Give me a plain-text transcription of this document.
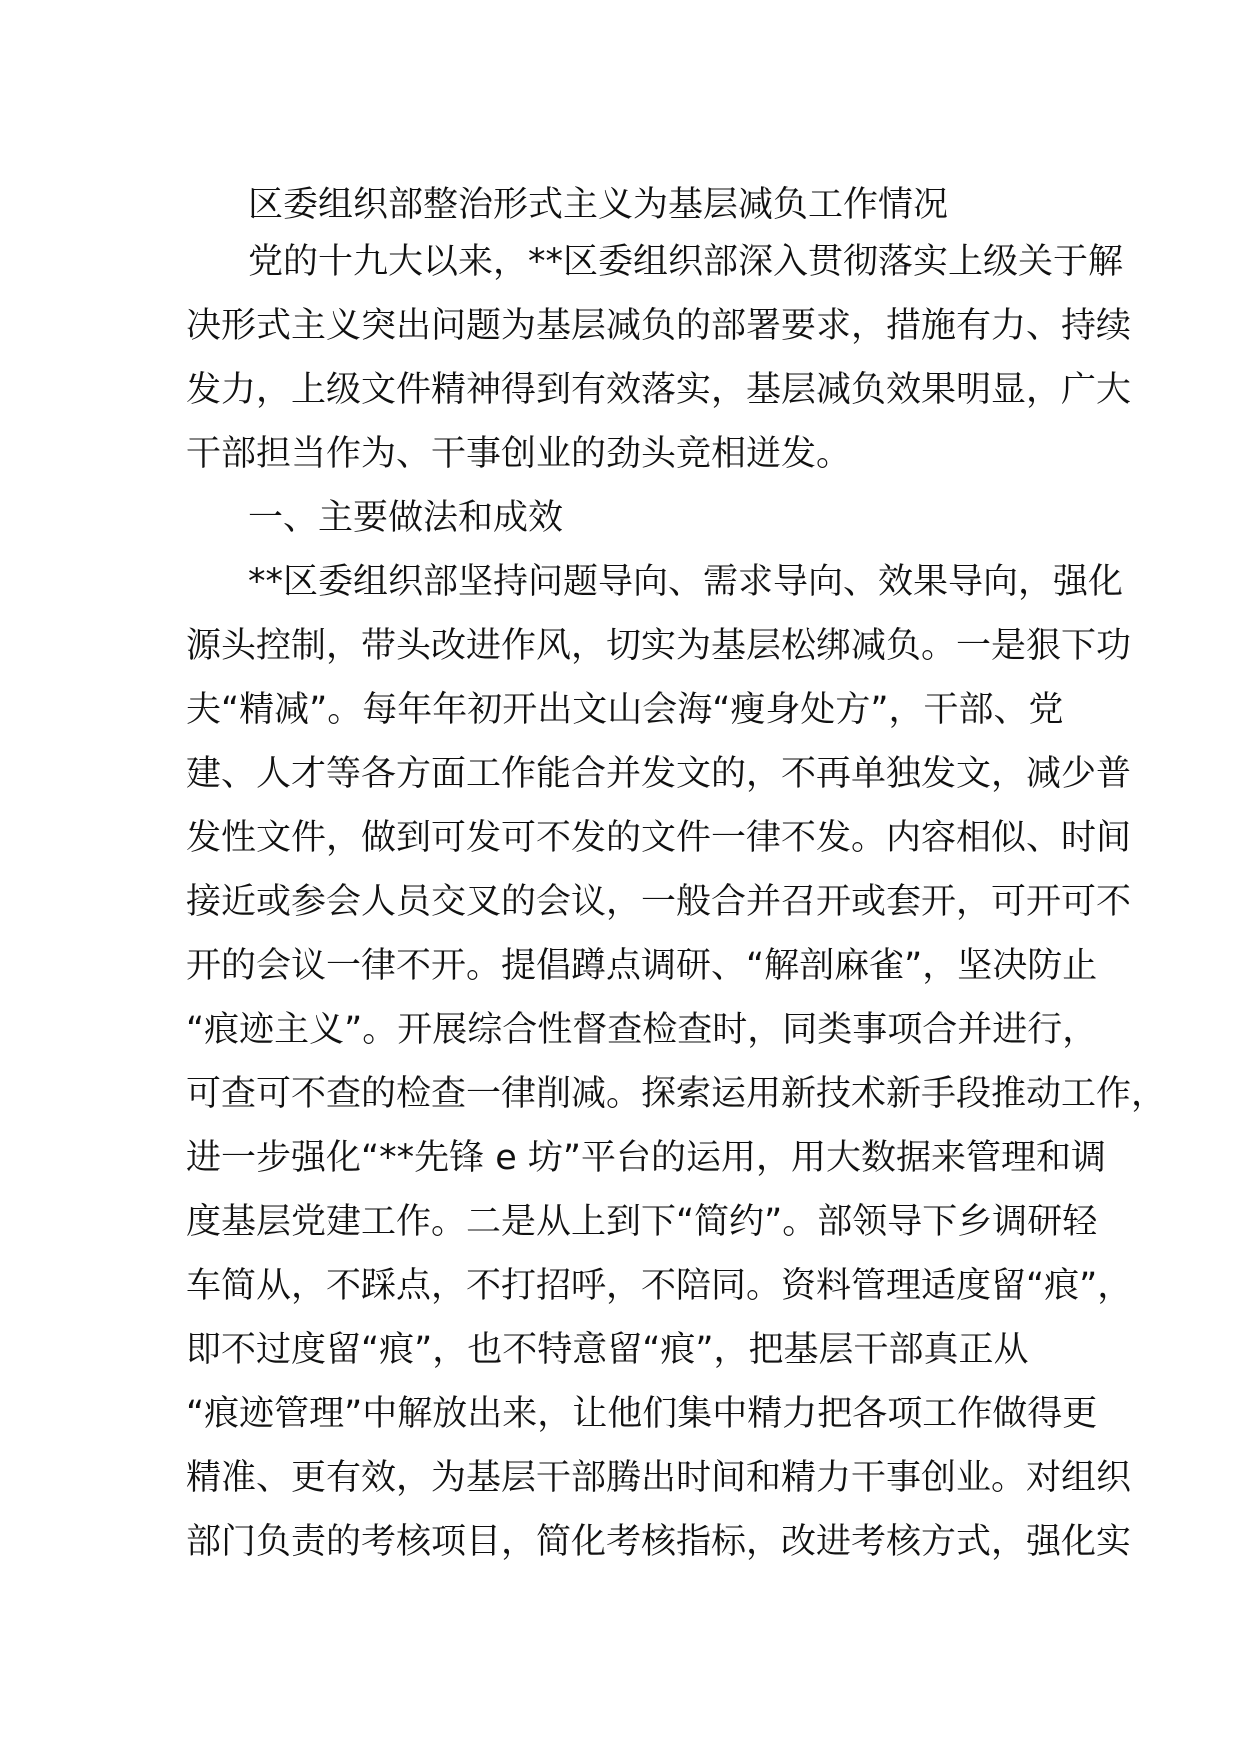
区委组织部整治形式主义为基层减负工作情况
党的十九大以来，**区委组织部深入贯彻落实上级关于解
决形式主义突出问题为基层减负的部署要求，措施有力、持续
发力，上级文件精神得到有效落实，基层减负效果明显，广大
干部担当作为、干事创业的劲头竞相迸发。
一、主要做法和成效
**区委组织部坚持问题导向、需求导向、效果导向，强化
源头控制，带头改进作风，切实为基层松绑减负。一是狠下功
夫“精减”。每年年初开出文山会海“瘦身处方”，干部、党
建、人才等各方面工作能合并发文的，不再单独发文，减少普
发性文件，做到可发可不发的文件一律不发。内容相似、时间
接近或参会人员交叉的会议，一般合并召开或套开，可开可不
开的会议一律不开。提倡蹲点调研、“解剖麻雀”，坚决防止
“痕迹主义”。开展综合性督查检查时，同类事项合并进行，
可查可不查的检查一律削减。探索运用新技术新手段推动工作，
进一步强化“**先锋 e 坊”平台的运用，用大数据来管理和调
度基层党建工作。二是从上到下“简约”。部领导下乡调研轻
车简从，不踩点，不打招呼，不陪同。资料管理适度留“痕”，
即不过度留“痕”，也不特意留“痕”，把基层干部真正从
“痕迹管理”中解放出来，让他们集中精力把各项工作做得更
精准、更有效，为基层干部腾出时间和精力干事创业。对组织
部门负责的考核项目，简化考核指标，改进考核方式，强化实
